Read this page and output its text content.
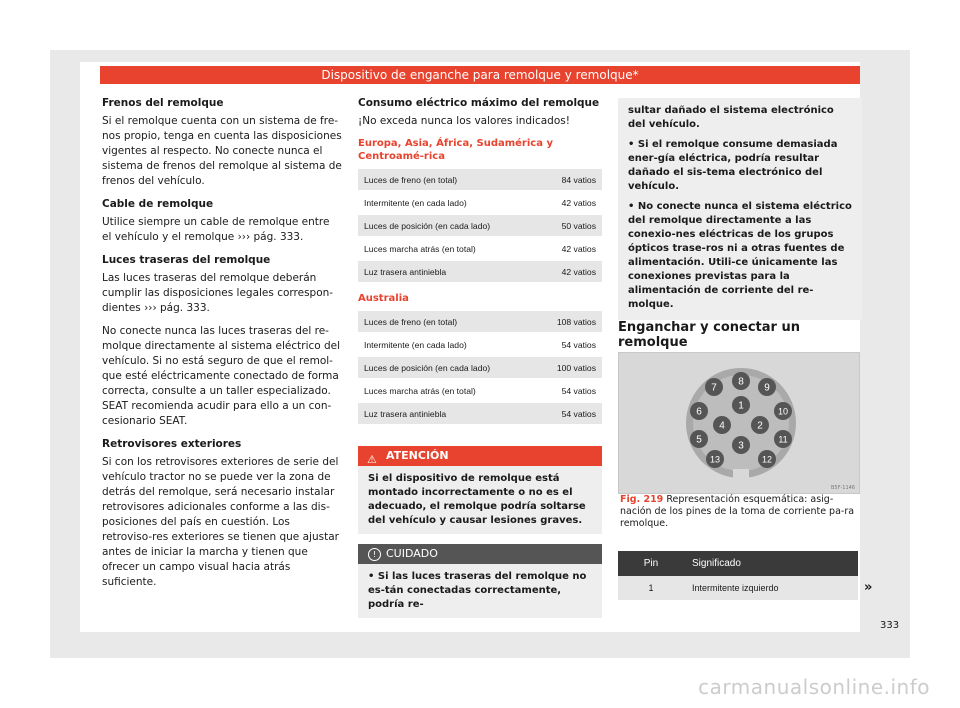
Dispositivo de enganche para remolque y remolque*
Frenos del remolque

Si el remolque cuenta con un sistema de fre-nos propio, tenga en cuenta las disposiciones vigentes al respecto. No conecte nunca el sistema de frenos del remolque al sistema de frenos del vehículo.

Cable de remolque

Utilice siempre un cable de remolque entre el vehículo y el remolque ››› pág. 333.

Luces traseras del remolque

Las luces traseras del remolque deberán cumplir las disposiciones legales correspon-dientes ››› pág. 333.

No conecte nunca las luces traseras del re-molque directamente al sistema eléctrico del vehículo. Si no está seguro de que el remol-que esté eléctricamente conectado de forma correcta, consulte a un taller especializado. SEAT recomienda acudir para ello a un con-cesionario SEAT.

Retrovisores exteriores

Si con los retrovisores exteriores de serie del vehículo tractor no se puede ver la zona de detrás del remolque, será necesario instalar retrovisores adicionales conforme a las dis-posiciones del país en cuestión. Los retroviso-res exteriores se tienen que ajustar antes de iniciar la marcha y tienen que ofrecer un campo visual hacia atrás suficiente.

Consumo eléctrico máximo del remolque

¡No exceda nunca los valores indicados!

Europa, Asia, África, Sudamérica y Centroamé-rica
Luces de freno (en total)	84 vatios
Intermitente (en cada lado)	42 vatios
Luces de posición (en cada lado)	50 vatios
Luces marcha atrás (en total)	42 vatios
Luz trasera antiniebla	42 vatios
Australia
Luces de freno (en total)	108 vatios
Intermitente (en cada lado)	54 vatios
Luces de posición (en cada lado)	100 vatios
Luces marcha atrás (en total)	54 vatios
Luz trasera antiniebla	54 vatios
⚠ ATENCIÓN
Si el dispositivo de remolque está montado incorrectamente o no es el adecuado, el remolque podría soltarse del vehículo y causar lesiones graves.
! CUIDADO
• Si las luces traseras del remolque no es-tán conectadas correctamente, podría re-
sultar dañado el sistema electrónico del vehículo.
• Si el remolque consume demasiada ener-gía eléctrica, podría resultar dañado el sis-tema electrónico del vehículo.
• No conecte nunca el sistema eléctrico del remolque directamente a las conexio-nes eléctricas de los grupos ópticos trase-ros ni a otras fuentes de alimentación. Utili-ce únicamente las conexiones previstas para la alimentación de corriente del re-molque.
Enganchar y conectar un remolque
1
2
3
4
5
6
7
8
9
10
11
12
13
B5F-1146
Fig. 219 Representación esquemática: asig-nación de los pines de la toma de corriente pa-ra remolque.
Pin	Significado
1	Intermitente izquierdo	»
333
carmanualsonline.info
